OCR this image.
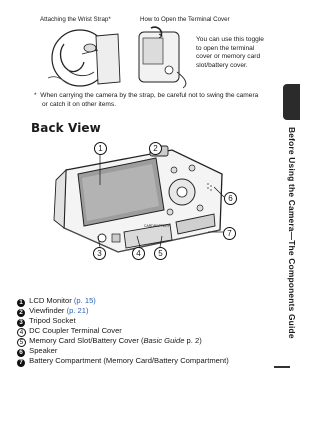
Attaching the Wrist Strap*	How to Open the Terminal Cover
You can use this toggle
to open the terminal
cover or memory card
slot/battery cover.
* When carrying the camera by the strap, be careful not to swing the camera
or catch it on other items.
Back View
CARD/BATTERY
1	2
3	4	5
6
7
1 LCD Monitor (p. 15)
2 Viewfinder (p. 21)
3 Tripod Socket
4 DC Coupler Terminal Cover
5 Memory Card Slot/Battery Cover (Basic Guide p. 2)
6 Speaker
7 Battery Compartment (Memory Card/Battery Compartment)
Before Using the Camera—The Components Guide
